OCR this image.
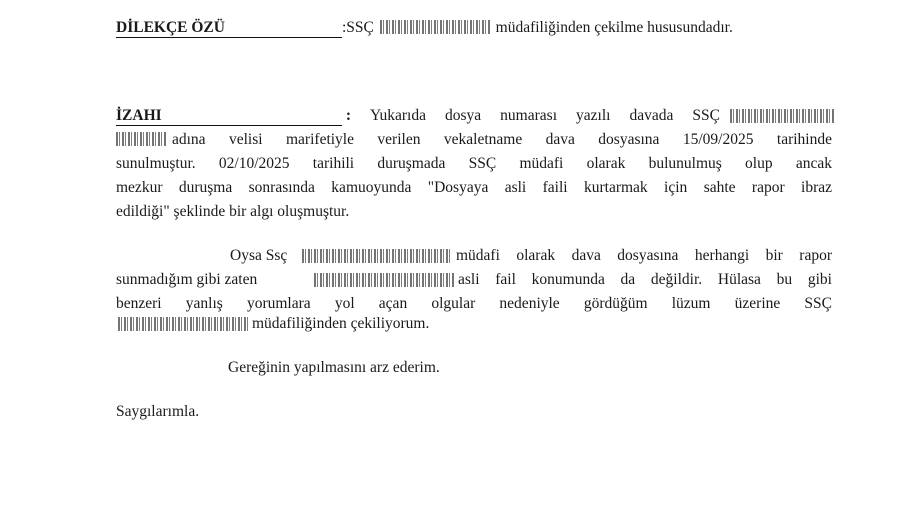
DİLEKÇE ÖZÜ	:SSÇ	müdafiliğinden çekilme hususundadır.
İZAHI	:	Yukarıda dosya numarası yazılı davada SSÇ
adına velisi marifetiyle verilen vekaletname dava dosyasına 15/09/2025 tarihinde
sunulmuştur. 02/10/2025 tarihili duruşmada SSÇ müdafi olarak bulunulmuş olup ancak
mezkur duruşma sonrasında kamuoyunda "Dosyaya asli faili kurtarmak için sahte rapor ibraz
edildiği" şeklinde bir algı oluşmuştur.
Oysa Ssç	müdafi olarak dava dosyasına herhangi bir rapor
sunmadığım gibi zaten	asli fail konumunda da değildir. Hülasa bu gibi
benzeri yanlış yorumlara yol açan olgular nedeniyle gördüğüm lüzum üzerine SSÇ
müdafiliğinden çekiliyorum.
Gereğinin yapılmasını arz ederim.
Saygılarımla.
